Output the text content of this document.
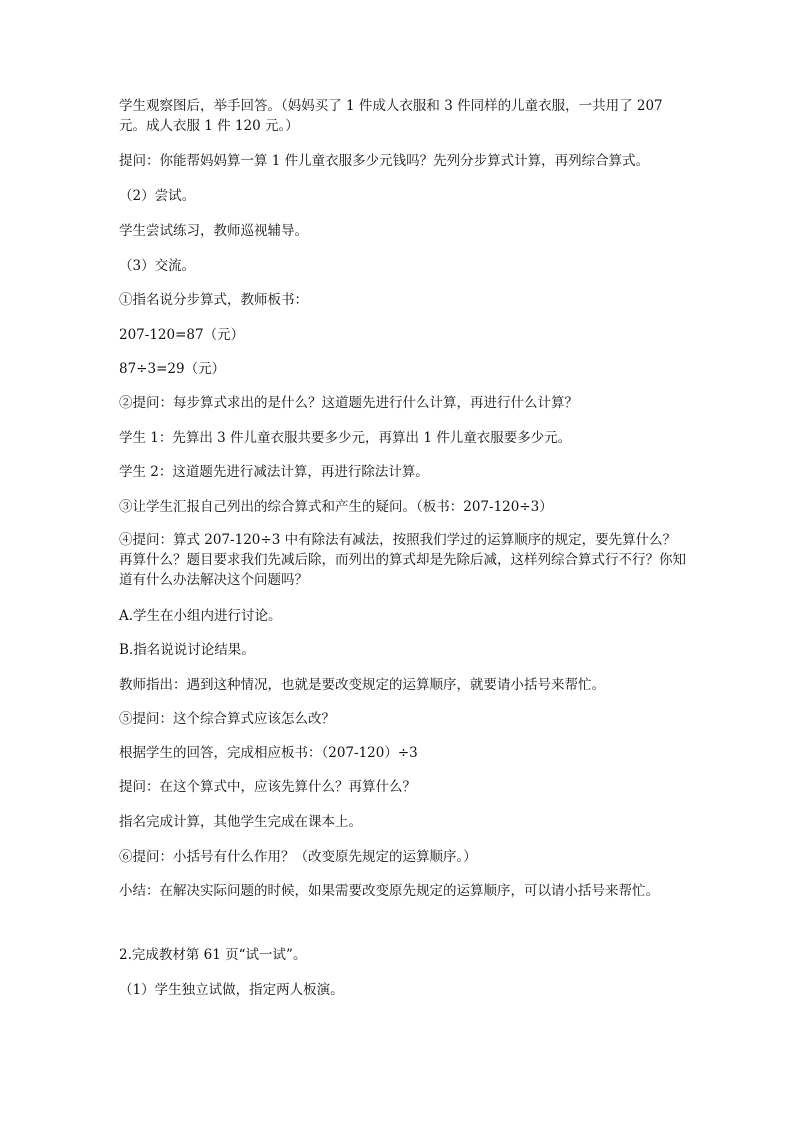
学生观察图后，举手回答。（妈妈买了 1 件成人衣服和 3 件同样的儿童衣服，一共用了 207 元。成人衣服 1 件 120 元。）

提问：你能帮妈妈算一算 1 件儿童衣服多少元钱吗？先列分步算式计算，再列综合算式。

（2）尝试。

学生尝试练习，教师巡视辅导。

（3）交流。

①指名说分步算式，教师板书：

207-120=87（元）

87÷3=29（元）

②提问：每步算式求出的是什么？这道题先进行什么计算，再进行什么计算？

学生 1：先算出 3 件儿童衣服共要多少元，再算出 1 件儿童衣服要多少元。

学生 2：这道题先进行减法计算，再进行除法计算。

③让学生汇报自己列出的综合算式和产生的疑问。（板书：207-120÷3）

④提问：算式 207-120÷3 中有除法有减法，按照我们学过的运算顺序的规定，要先算什么？再算什么？题目要求我们先减后除，而列出的算式却是先除后减，这样列综合算式行不行？你知道有什么办法解决这个问题吗？

A.学生在小组内进行讨论。

B.指名说说讨论结果。

教师指出：遇到这种情况，也就是要改变规定的运算顺序，就要请小括号来帮忙。

⑤提问：这个综合算式应该怎么改？

根据学生的回答，完成相应板书：（207-120）÷3

提问：在这个算式中，应该先算什么？再算什么？

指名完成计算，其他学生完成在课本上。

⑥提问：小括号有什么作用？（改变原先规定的运算顺序。）

小结：在解决实际问题的时候，如果需要改变原先规定的运算顺序，可以请小括号来帮忙。

2.完成教材第 61 页“试一试”。

（1）学生独立试做，指定两人板演。
